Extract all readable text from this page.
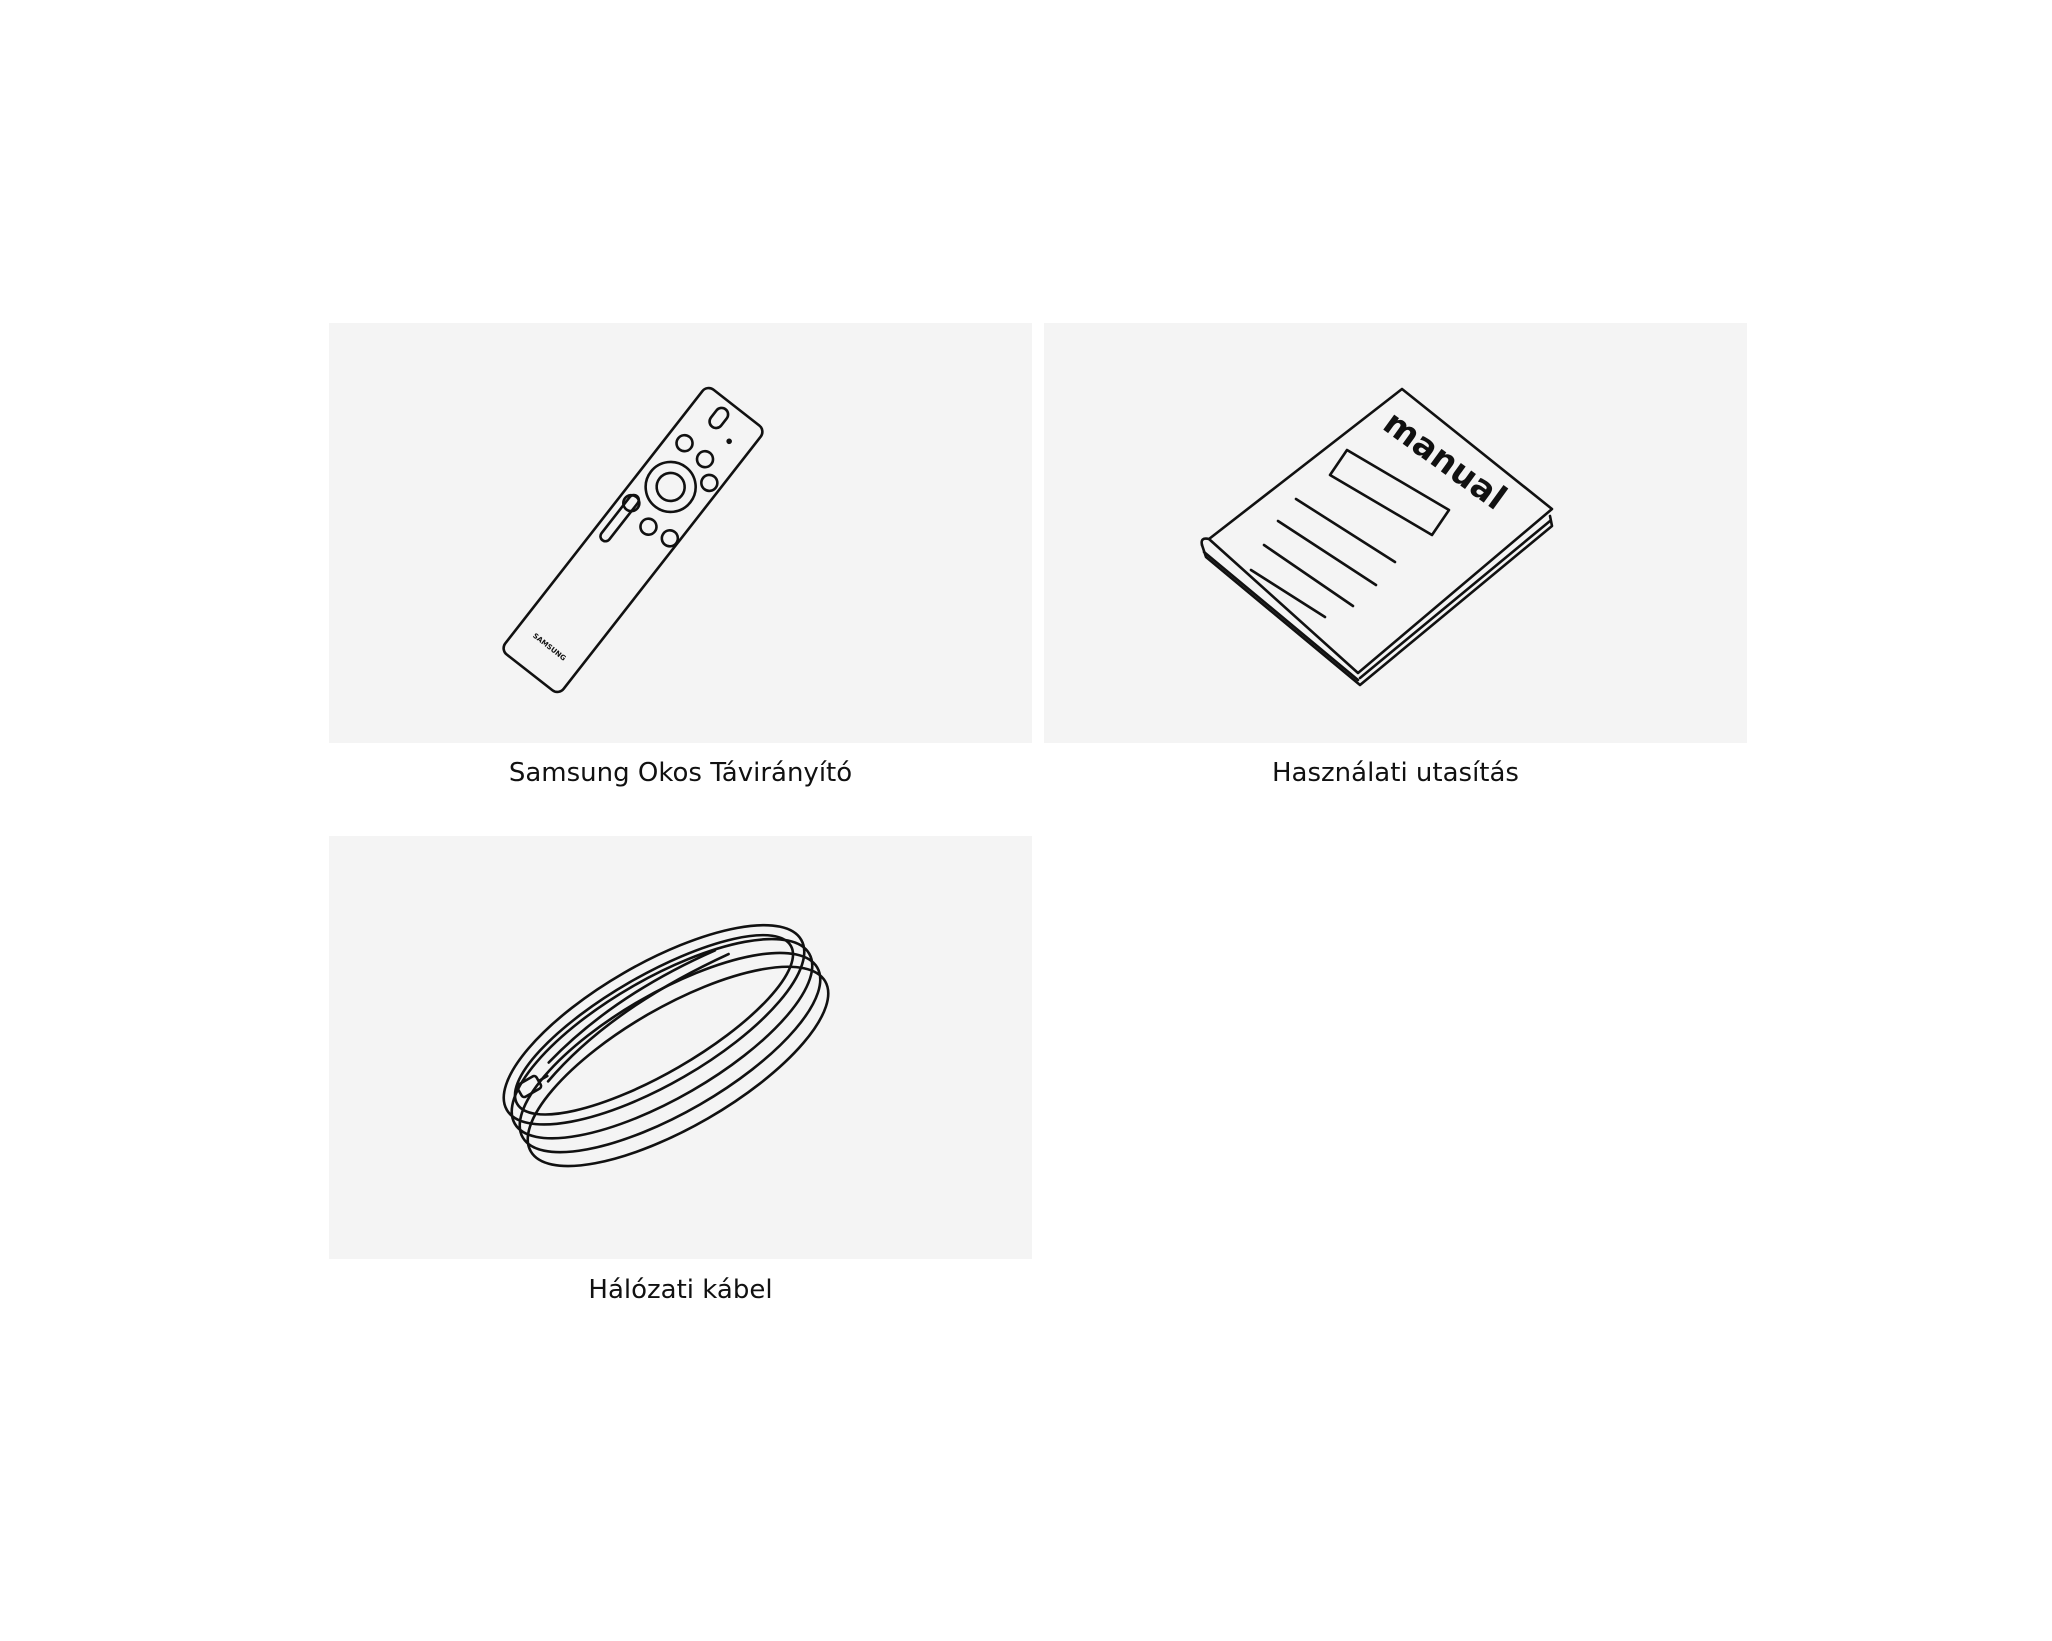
SAMSUNG
Samsung Okos Távirányító
manual
Használati utasítás
Hálózati kábel
